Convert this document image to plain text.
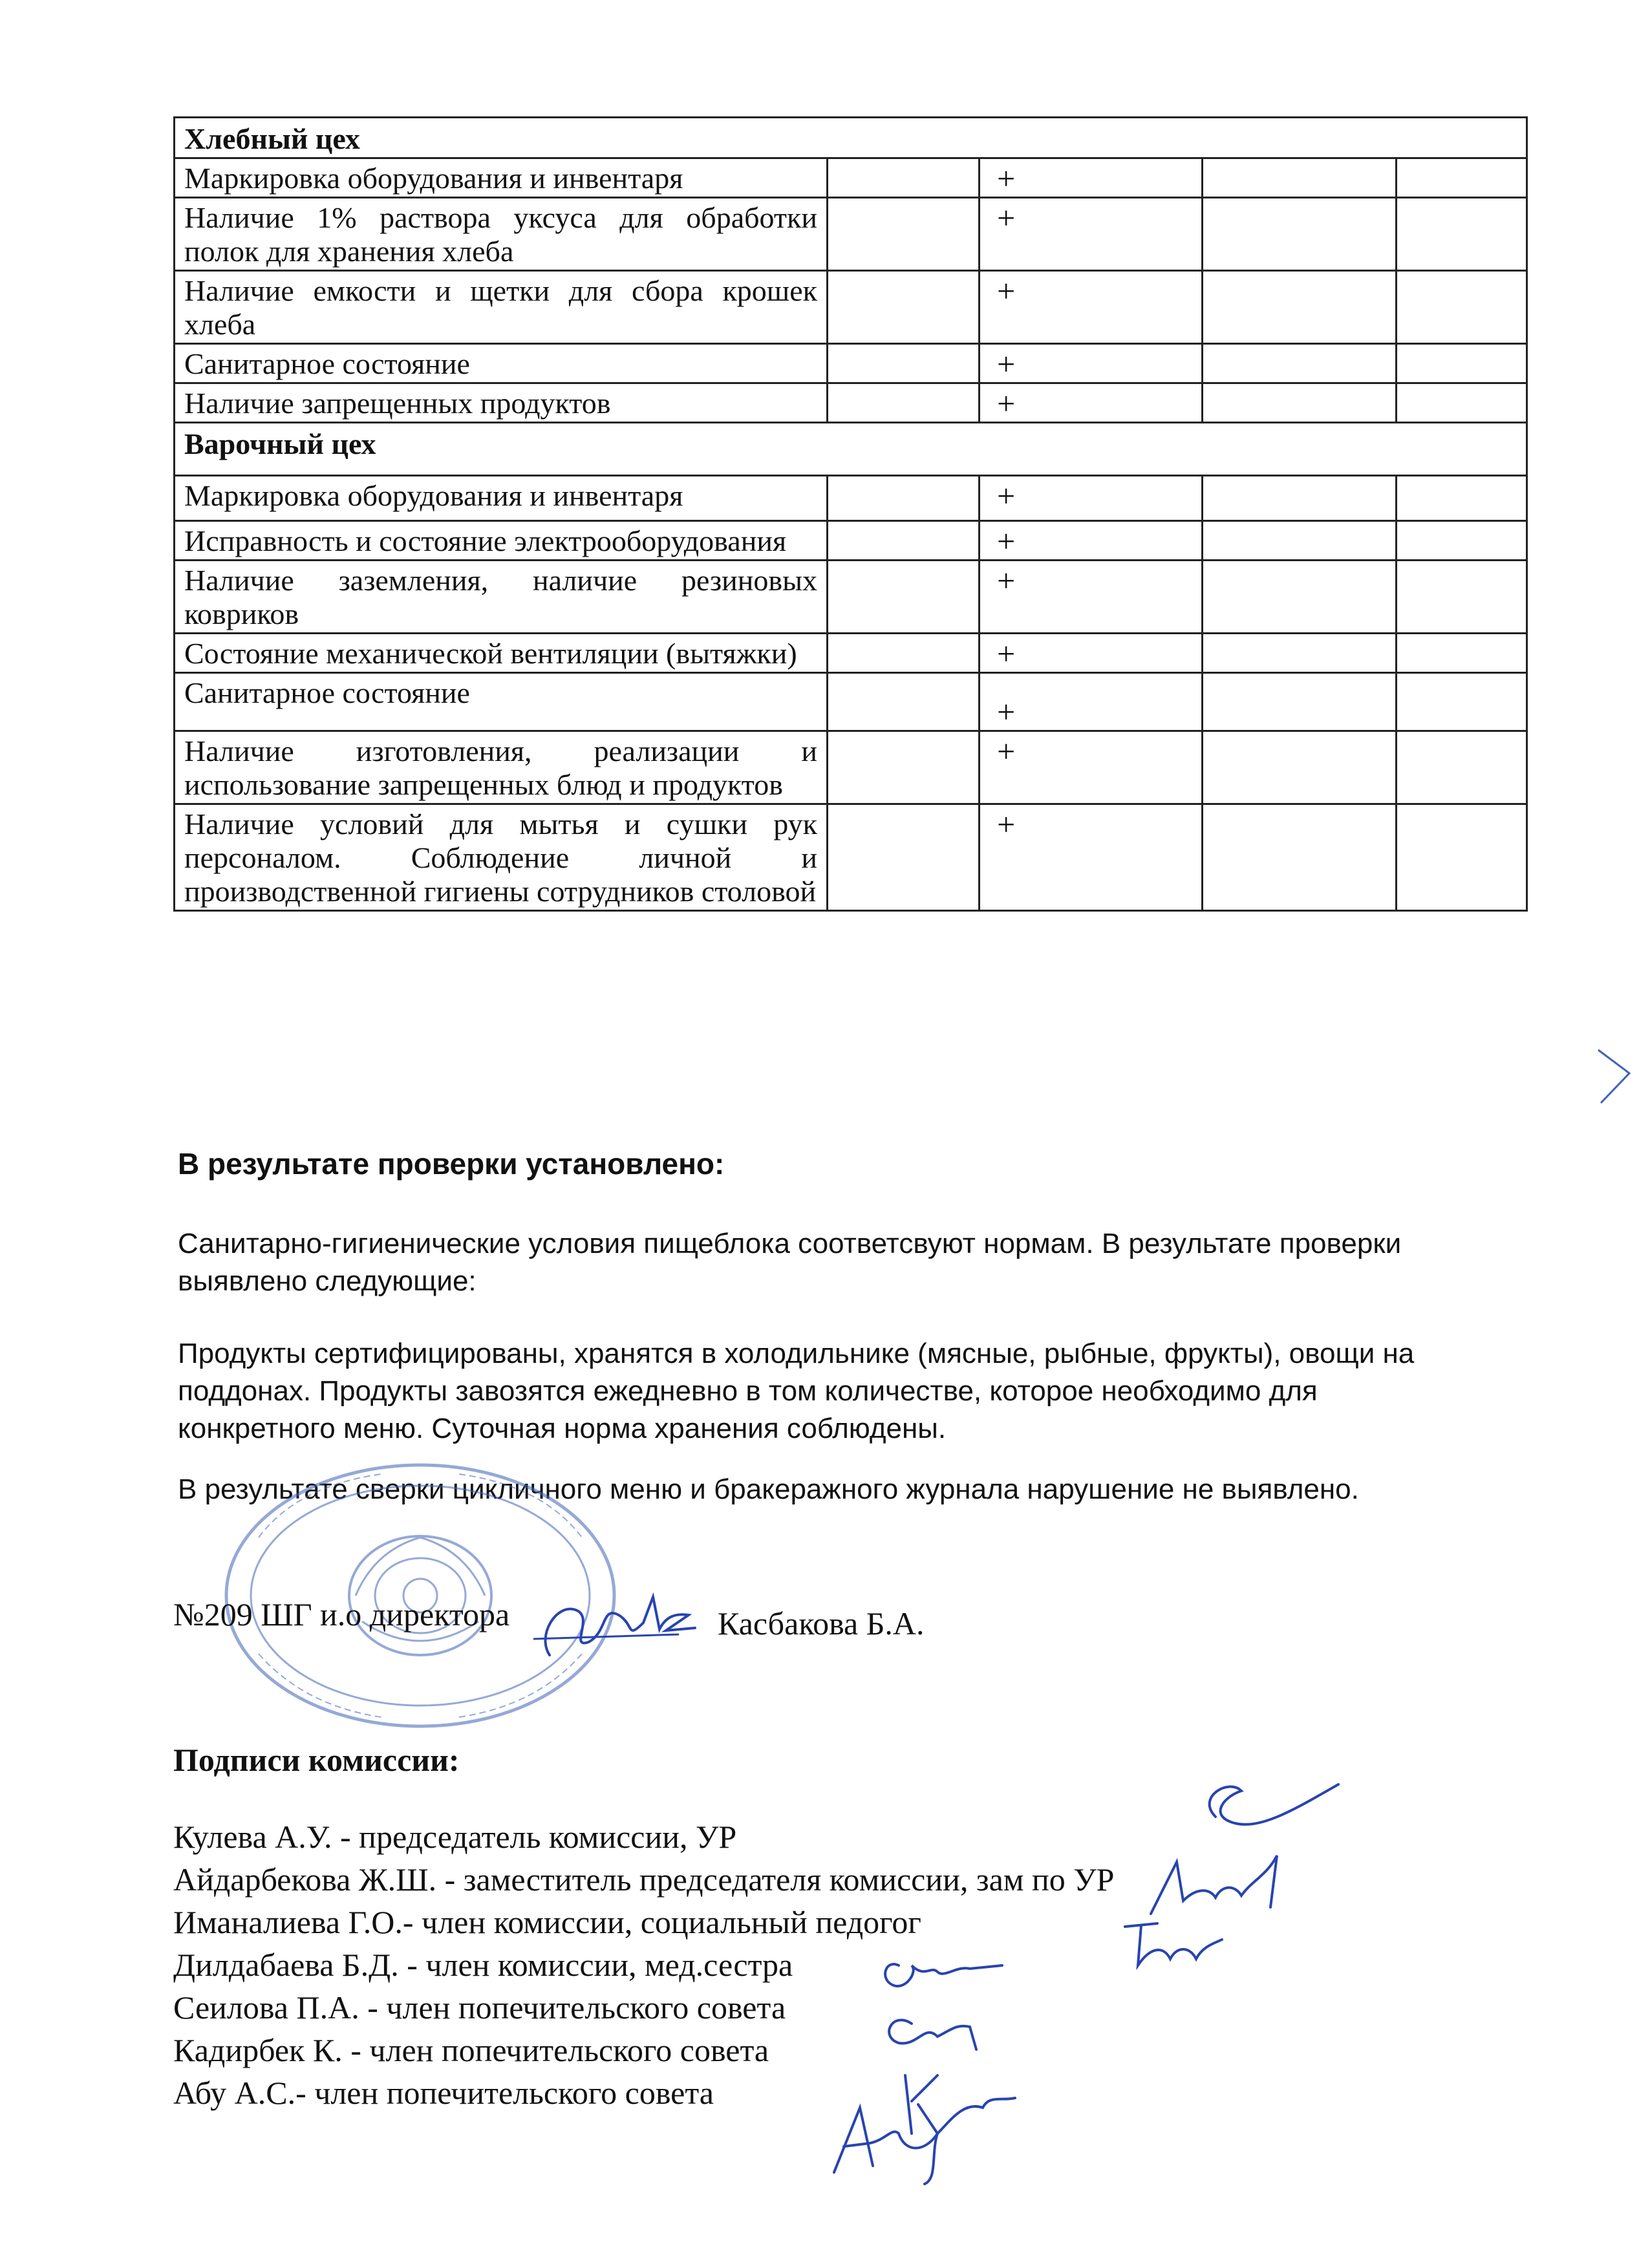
Хлебный цех				
Маркировка оборудования и инвентаря		+		
Наличие 1% раствора уксуса для обработки полок для хранения хлеба		+		
Наличие емкости и щетки для сбора крошек хлеба		+		
Санитарное состояние		+		
Наличие запрещенных продуктов		+		
Варочный цех				
Маркировка оборудования и инвентаря		+		
Исправность и состояние электрооборудования		+		
Наличие заземления, наличие резиновых ковриков		+		
Состояние механической вентиляции (вытяжки)		+		
Санитарное состояние		+		
Наличие изготовления, реализации и использование запрещенных блюд и продуктов		+		
Наличие условий для мытья и сушки рук персоналом. Соблюдение личной и производственной гигиены сотрудников столовой		+		

В результате проверки установлено:

Санитарно-гигиенические условия пищеблока соответсвуют нормам. В результате проверки выявлено следующие:

Продукты сертифицированы, хранятся в холодильнике (мясные, рыбные, фрукты), овощи на поддонах. Продукты завозятся ежедневно в том количестве, которое необходимо для конкретного меню. Суточная норма хранения соблюдены.

В результате сверки цикличного меню и бракеражного журнала нарушение не выявлено.

№209 ШГ и.о директора	Касбакова Б.А.

Подписи комиссии:

Кулева А.У. - председатель комиссии, УР
Айдарбекова Ж.Ш. - заместитель председателя комиссии, зам по УР
Иманалиева Г.О.- член комиссии, социальный педогог
Дилдабаева Б.Д. - член комиссии, мед.сестра
Сеилова П.А. - член попечительского совета
Кадирбек К. - член попечительского совета
Абу А.С.- член попечительского совета
